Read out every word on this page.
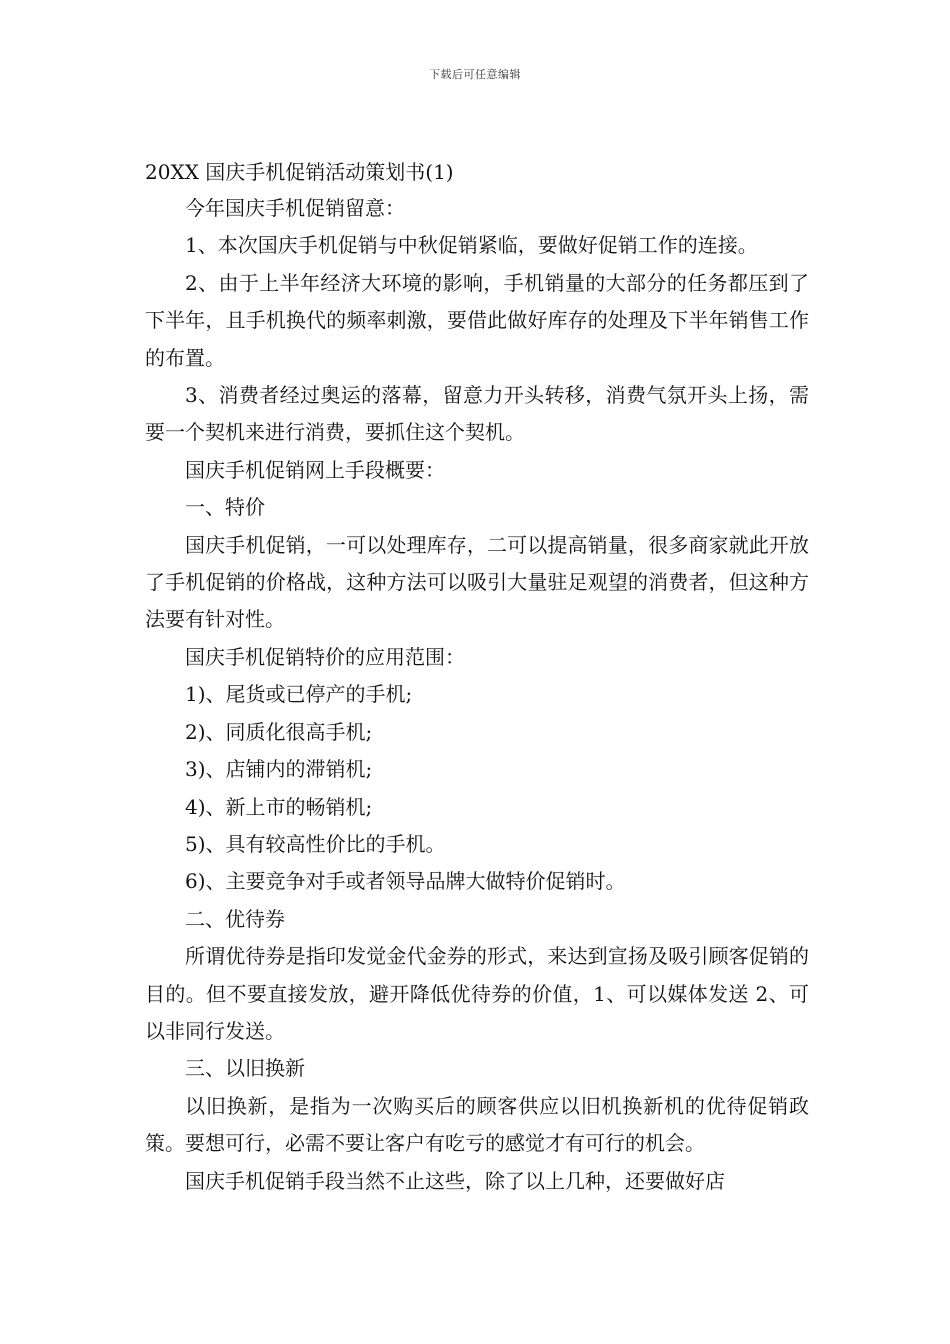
下载后可任意编辑
20XX 国庆手机促销活动策划书(1)

今年国庆手机促销留意：

1、本次国庆手机促销与中秋促销紧临，要做好促销工作的连接。

2、由于上半年经济大环境的影响，手机销量的大部分的任务都压到了下半年，且手机换代的频率刺激，要借此做好库存的处理及下半年销售工作的布置。

3、消费者经过奥运的落幕，留意力开头转移，消费气氛开头上扬，需要一个契机来进行消费，要抓住这个契机。

国庆手机促销网上手段概要：

一、特价

国庆手机促销，一可以处理库存，二可以提高销量，很多商家就此开放了手机促销的价格战，这种方法可以吸引大量驻足观望的消费者，但这种方法要有针对性。

国庆手机促销特价的应用范围：

1)、尾货或已停产的手机;

2)、同质化很高手机;

3)、店铺内的滞销机;

4)、新上市的畅销机;

5)、具有较高性价比的手机。

6)、主要竞争对手或者领导品牌大做特价促销时。

二、优待券

所谓优待券是指印发觉金代金券的形式，来达到宣扬及吸引顾客促销的目的。但不要直接发放，避开降低优待券的价值，1、可以媒体发送 2、可以非同行发送。

三、以旧换新

以旧换新，是指为一次购买后的顾客供应以旧机换新机的优待促销政策。要想可行，必需不要让客户有吃亏的感觉才有可行的机会。

国庆手机促销手段当然不止这些，除了以上几种，还要做好店
